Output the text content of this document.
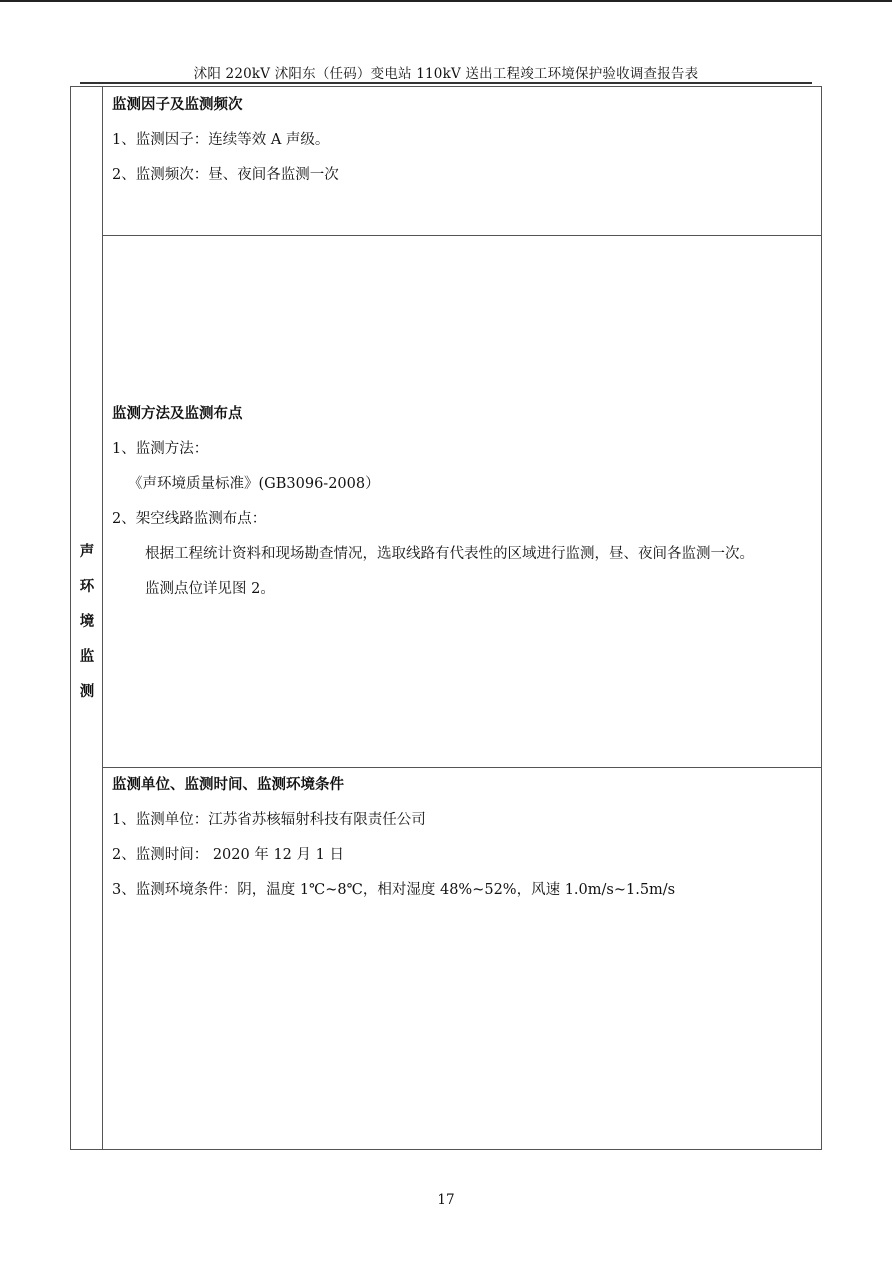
沭阳 220kV 沭阳东（任码）变电站 110kV 送出工程竣工环境保护验收调查报告表
声
环
境
监
测
监测因子及监测频次
1、监测因子：连续等效 A 声级。
2、监测频次：昼、夜间各监测一次
监测方法及监测布点
1、监测方法：
《声环境质量标准》(GB3096-2008）
2、架空线路监测布点：
根据工程统计资料和现场勘查情况，选取线路有代表性的区域进行监测，昼、夜间各监测一次。
监测点位详见图 2。
监测单位、监测时间、监测环境条件
1、监测单位：江苏省苏核辐射科技有限责任公司
2、监测时间： 2020 年 12 月 1 日
3、监测环境条件：阴，温度 1℃~8℃，相对湿度 48%~52%，风速 1.0m/s~1.5m/s
17
